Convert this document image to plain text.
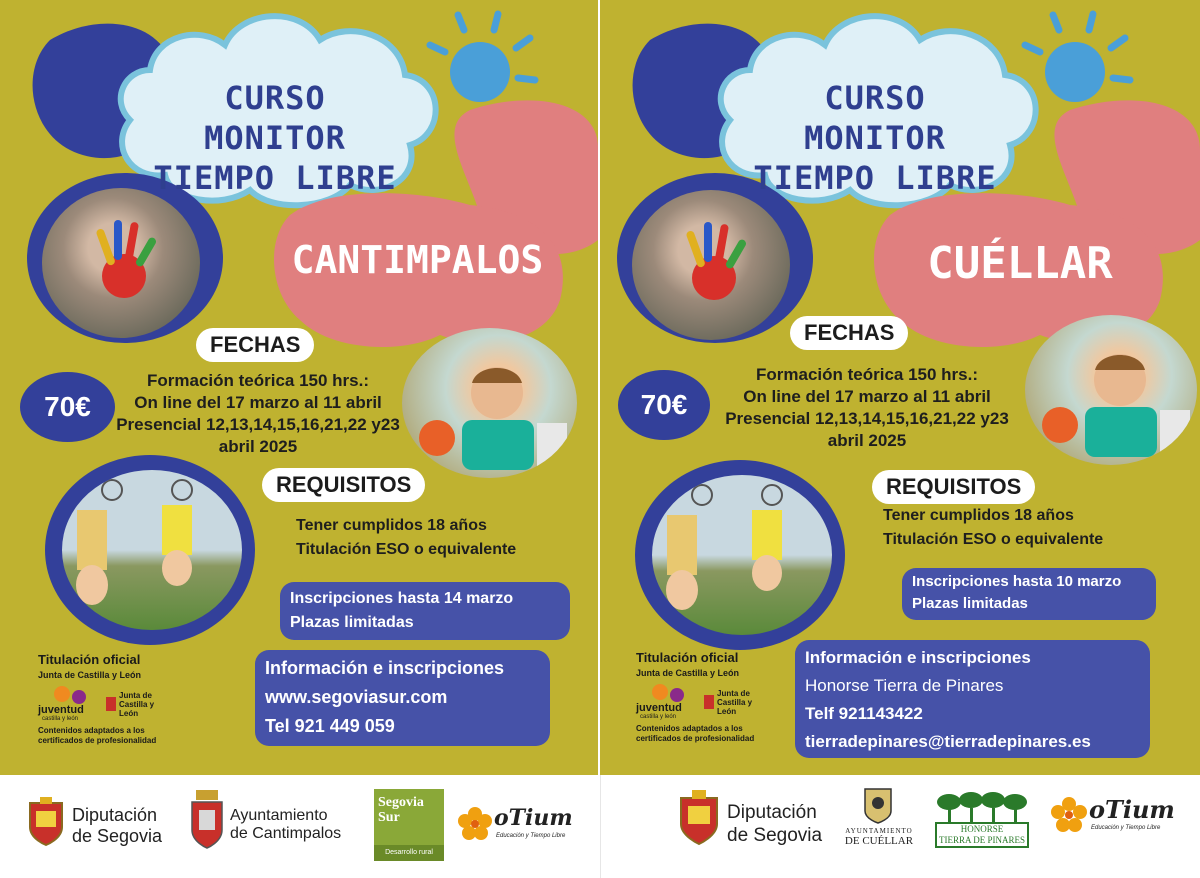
CURSO MONITOR
TIEMPO LIBRE
CANTIMPALOS
FECHAS
70€
Formación teórica 150 hrs.:
On line del 17 marzo al 11 abril
Presencial 12,13,14,15,16,21,22 y23
abril 2025
REQUISITOS
Tener cumplidos 18 años
Titulación ESO o equivalente
Inscripciones hasta 14 marzo
Plazas limitadas
Información e inscripciones
www.segoviasur.com
Tel 921 449 059
Titulación oficial
Junta de Castilla y León
juventud
castilla y león
Junta de Castilla y León
Contenidos adaptados a los certificados de profesionalidad
CURSO MONITOR
TIEMPO LIBRE
CUÉLLAR
FECHAS
70€
Formación teórica 150 hrs.:
On line del 17 marzo al 11 abril
Presencial 12,13,14,15,16,21,22 y23
abril 2025
REQUISITOS
Tener cumplidos 18 años
Titulación ESO o equivalente
Inscripciones hasta 10 marzo
Plazas limitadas
Información e inscripciones
Honorse Tierra de Pinares
Telf 921143422
tierradepinares@tierradepinares.es
Titulación oficial
Junta de Castilla y León
juventud
castilla y león
Junta de Castilla y León
Contenidos adaptados a los certificados de profesionalidad
Diputación
de Segovia
Ayuntamiento
de Cantimpalos
Segovia
Sur
Desarrollo rural
oTium
Educación y Tiempo Libre
Diputación
de Segovia	AYUNTAMIENTO
DE CUÉLLAR
HONORSE
TIERRA DE PINARES
oTium
Educación y Tiempo Libre
